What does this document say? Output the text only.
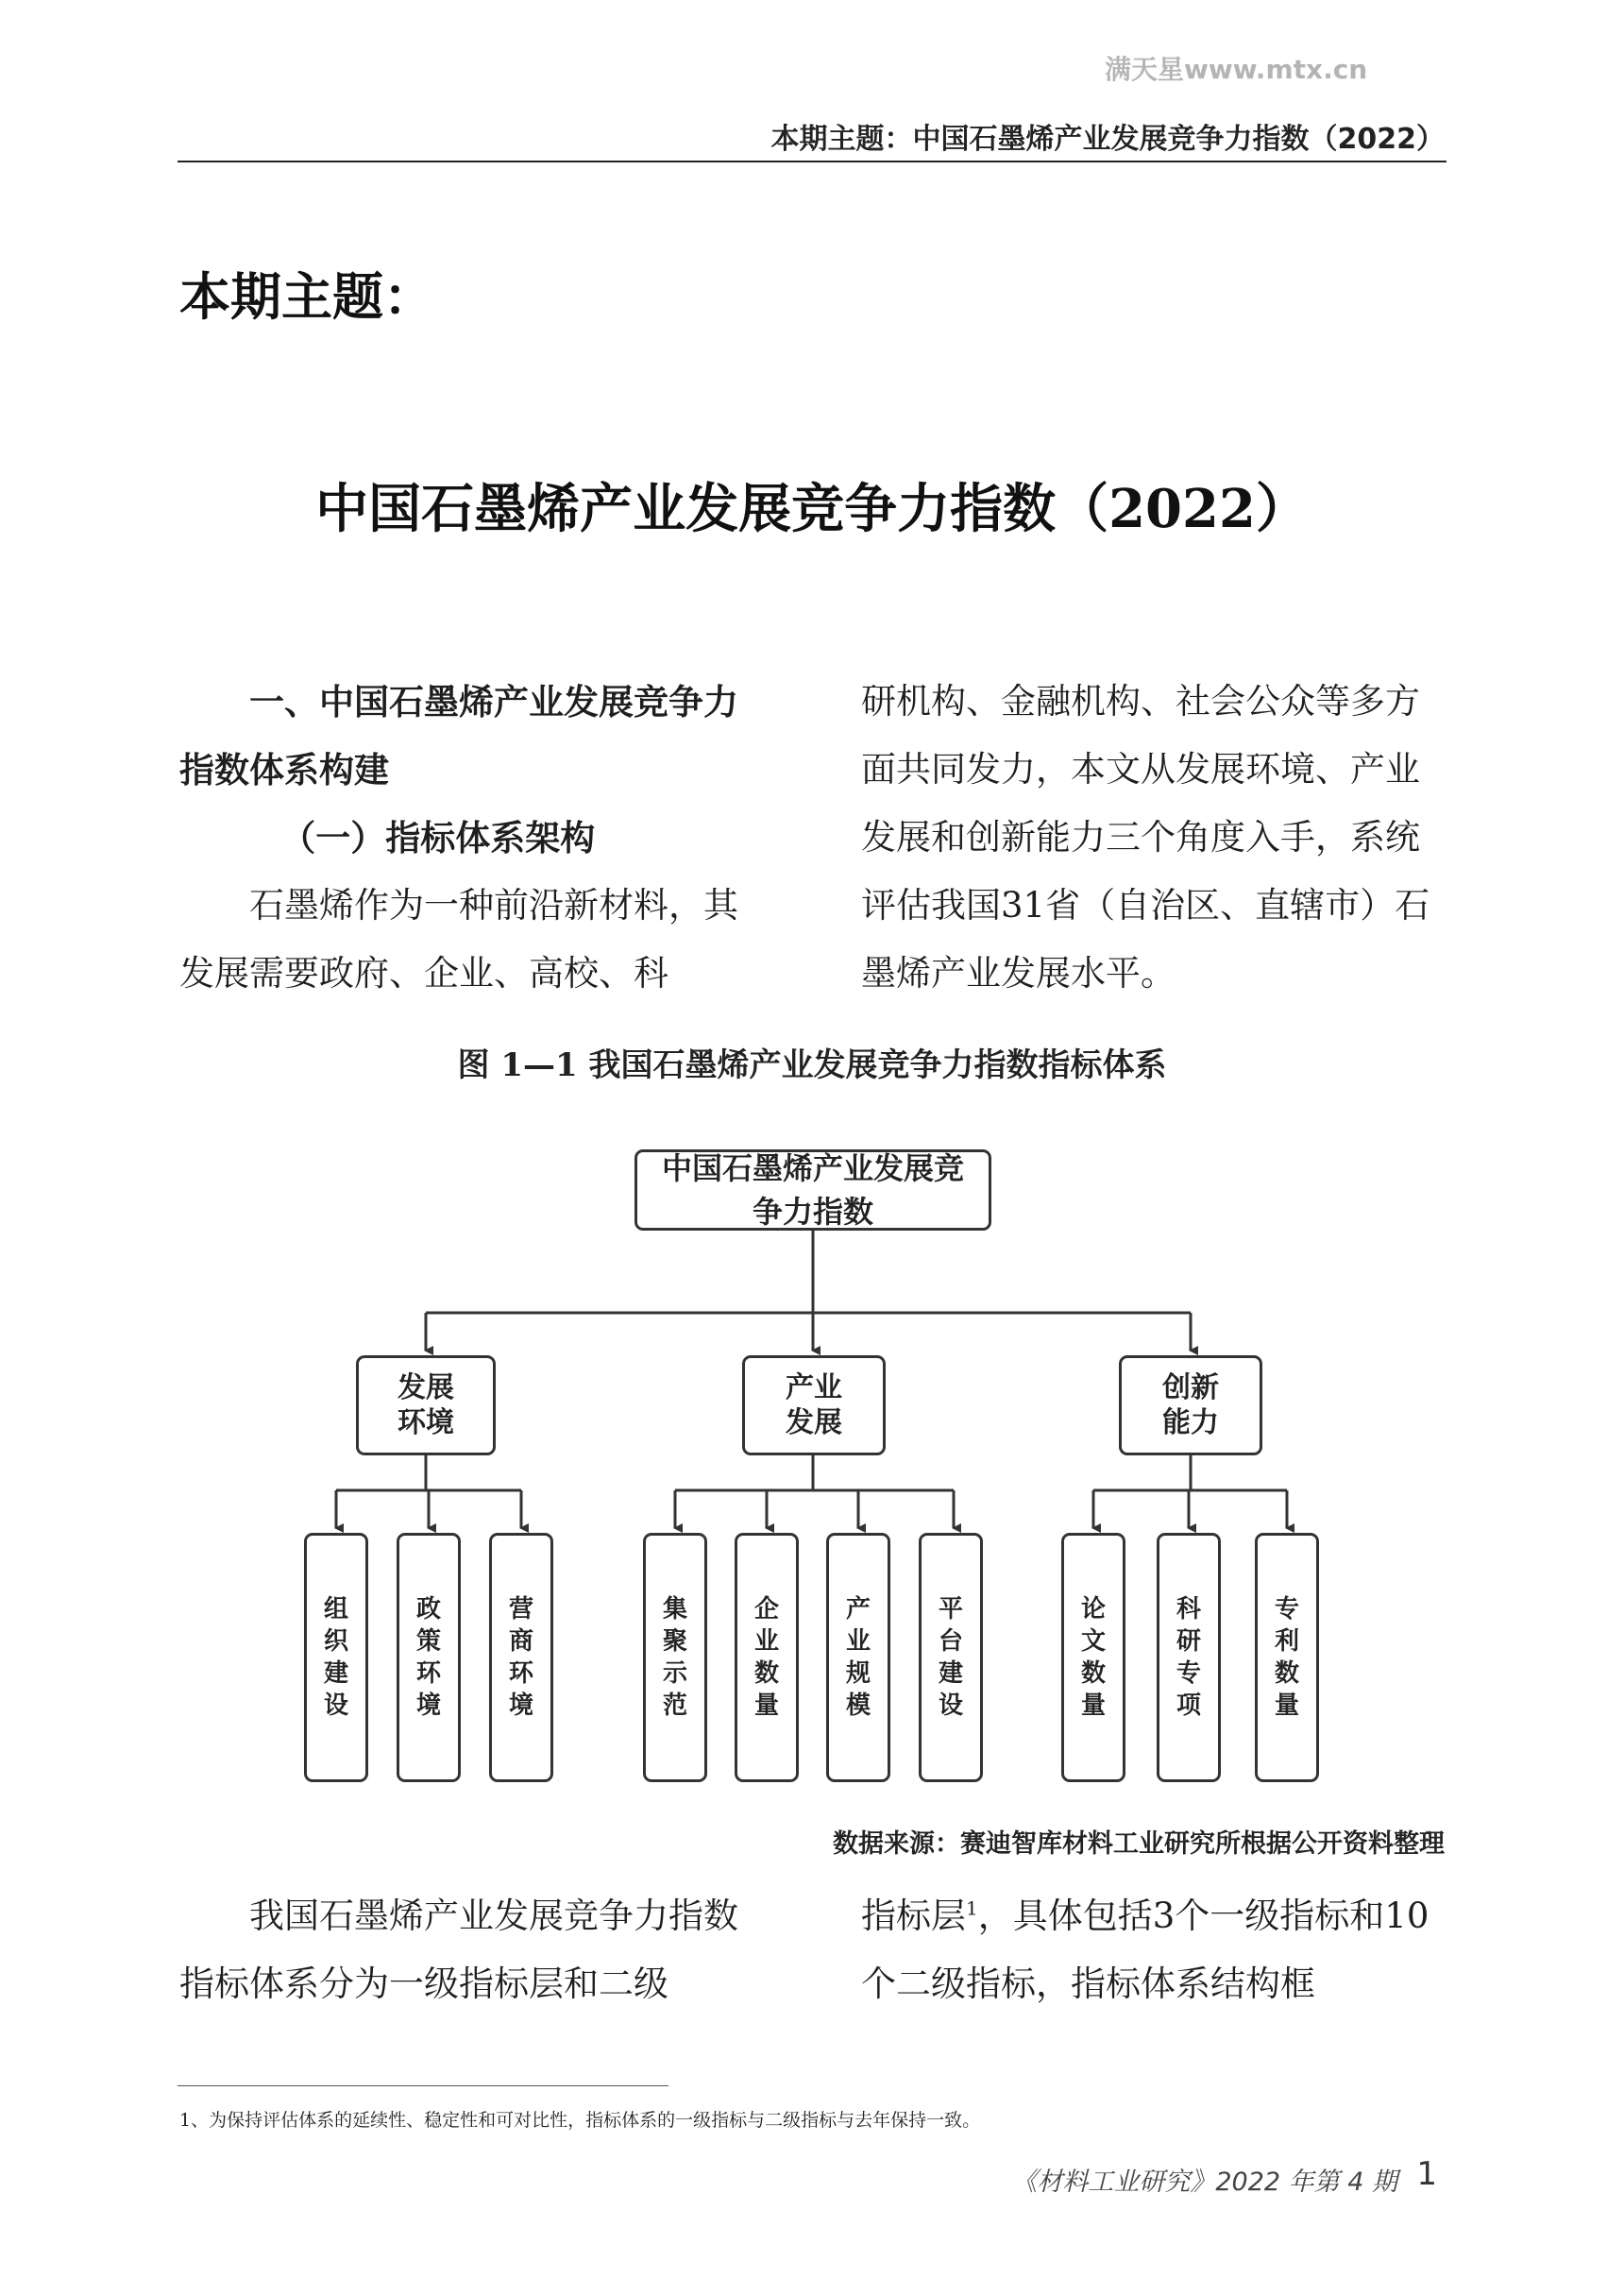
满天星www.mtx.cn
本期主题：中国石墨烯产业发展竞争力指数（2022）
本期主题：
中国石墨烯产业发展竞争力指数（2022）

一、中国石墨烯产业发展竞争力指数体系构建

（一）指标体系架构

石墨烯作为一种前沿新材料，其发展需要政府、企业、高校、科

研机构、金融机构、社会公众等多方面共同发力，本文从发展环境、产业发展和创新能力三个角度入手，系统评估我国31省（自治区、直辖市）石墨烯产业发展水平。

图 1—1 我国石墨烯产业发展竞争力指数指标体系
中国石墨烯产业发展竞争力指数
发展环境
产业发展
创新能力
组织建设
政策环境
营商环境
集聚示范
企业数量
产业规模
平台建设
论文数量
科研专项
专利数量
数据来源：赛迪智库材料工业研究所根据公开资料整理

我国石墨烯产业发展竞争力指数指标体系分为一级指标层和二级

指标层$^1$，具体包括3个一级指标和10个二级指标，指标体系结构框

1、为保持评估体系的延续性、稳定性和可对比性，指标体系的一级指标与二级指标与去年保持一致。
《材料工业研究》2022 年第 4 期 1
